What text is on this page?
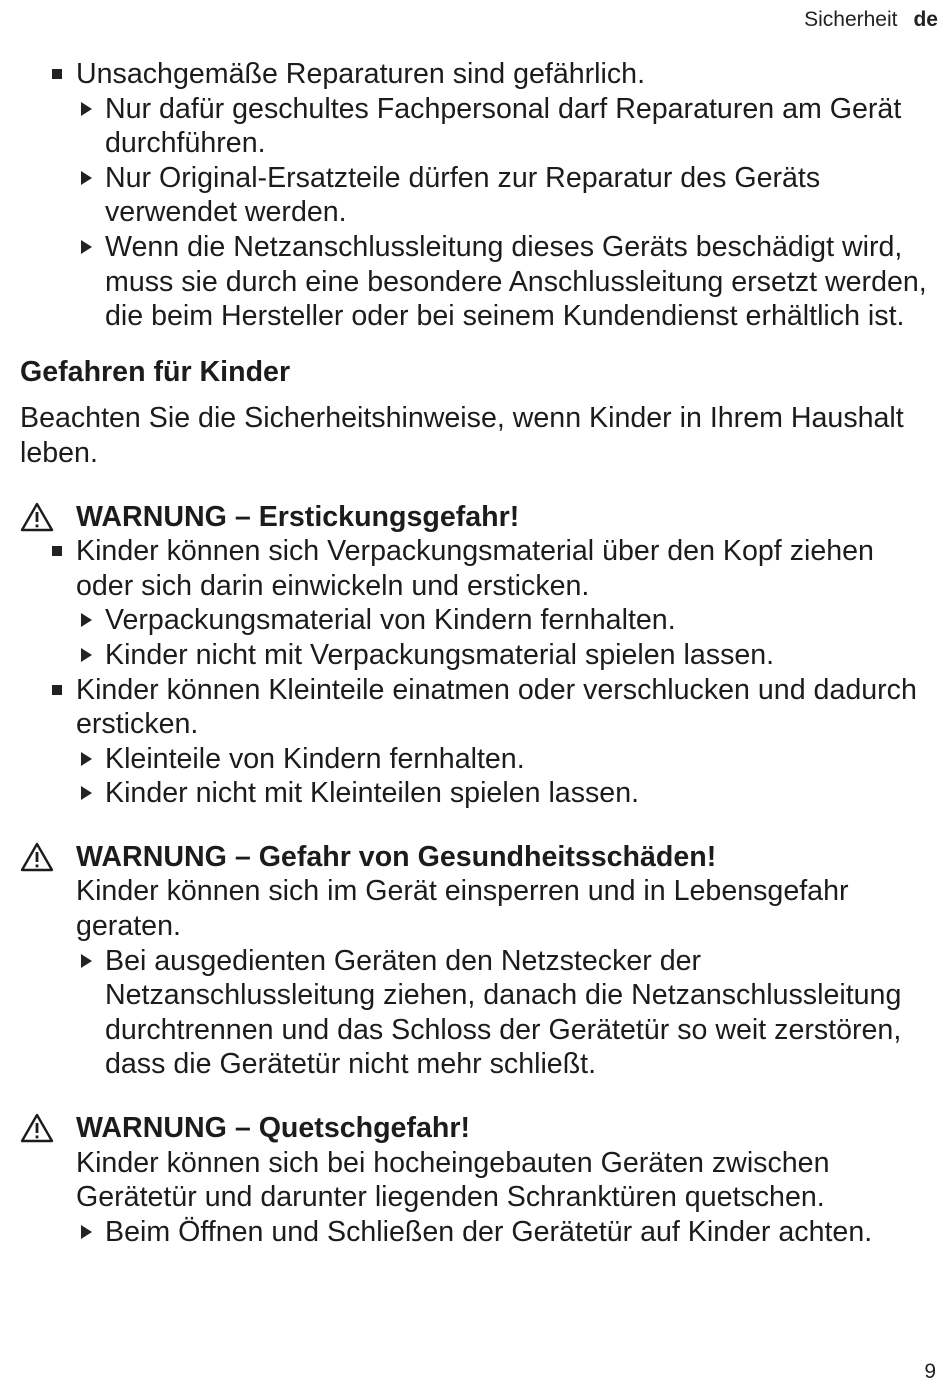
Sicherheit de
Unsachgemäße Reparaturen sind gefährlich.
Nur dafür geschultes Fachpersonal darf Reparaturen am Gerät durchführen.
Nur Original-Ersatzteile dürfen zur Reparatur des Geräts verwendet werden.
Wenn die Netzanschlussleitung dieses Geräts beschädigt wird, muss sie durch eine besondere Anschlussleitung ersetzt werden, die beim Hersteller oder bei seinem Kundendienst erhältlich ist.
Gefahren für Kinder
Beachten Sie die Sicherheitshinweise, wenn Kinder in Ihrem Haushalt leben.
WARNUNG – Erstickungsgefahr!
Kinder können sich Verpackungsmaterial über den Kopf ziehen oder sich darin einwickeln und ersticken.
Verpackungsmaterial von Kindern fernhalten.
Kinder nicht mit Verpackungsmaterial spielen lassen.
Kinder können Kleinteile einatmen oder verschlucken und dadurch ersticken.
Kleinteile von Kindern fernhalten.
Kinder nicht mit Kleinteilen spielen lassen.
WARNUNG – Gefahr von Gesundheitsschäden!
Kinder können sich im Gerät einsperren und in Lebensgefahr geraten.
Bei ausgedienten Geräten den Netzstecker der Netzanschlussleitung ziehen, danach die Netzanschlussleitung durchtrennen und das Schloss der Gerätetür so weit zerstören, dass die Gerätetür nicht mehr schließt.
WARNUNG – Quetschgefahr!
Kinder können sich bei hocheingebauten Geräten zwischen Gerätetür und darunter liegenden Schranktüren quetschen.
Beim Öffnen und Schließen der Gerätetür auf Kinder achten.
9
